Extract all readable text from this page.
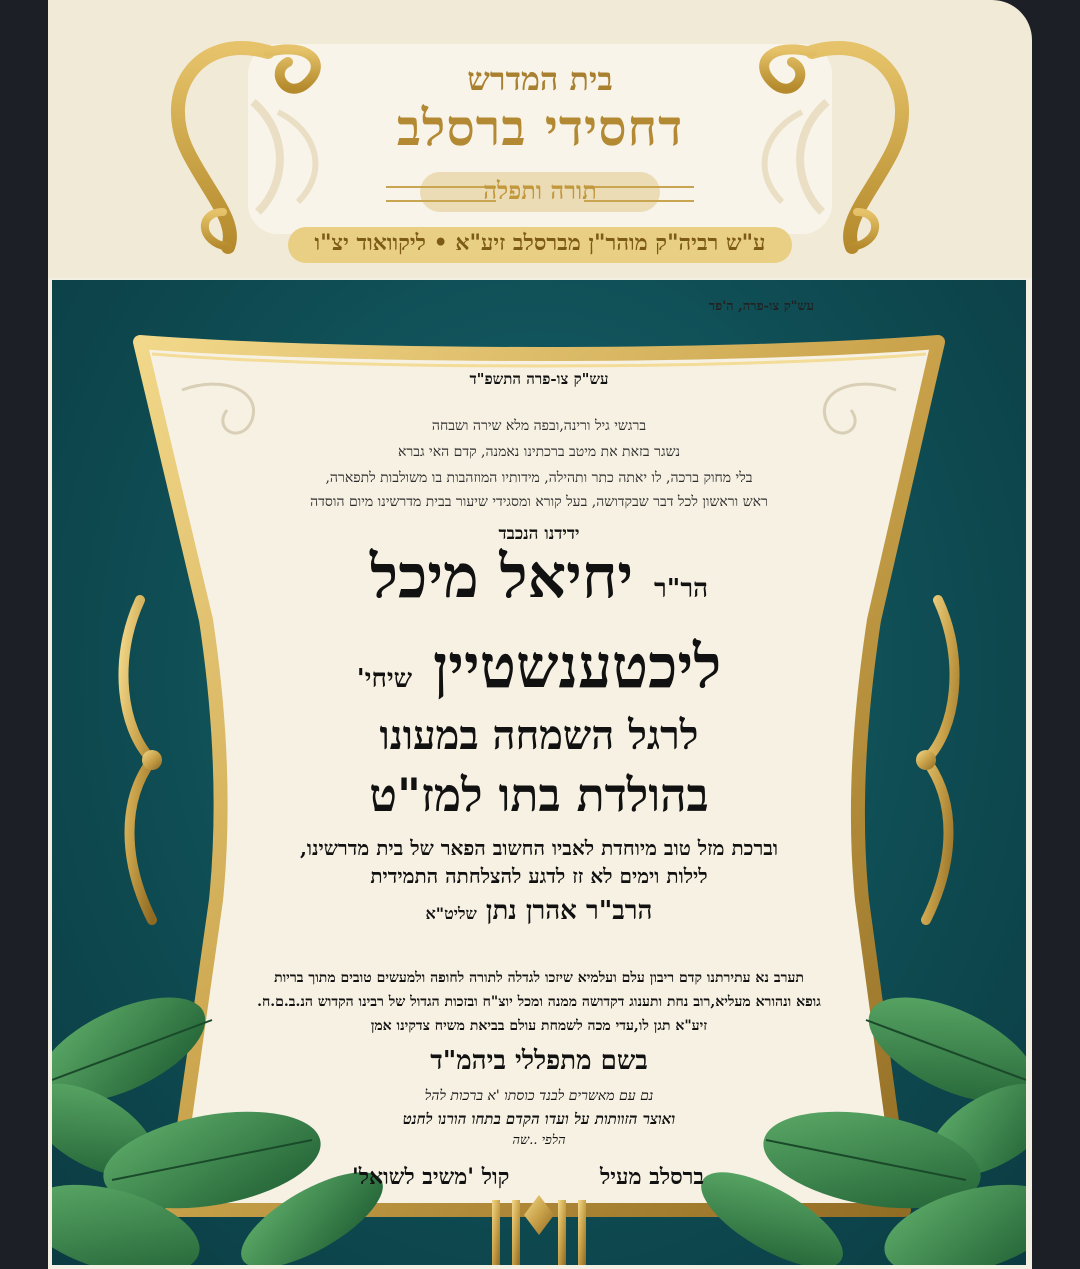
בית המדרש
דחסידי ברסלב
תורה ותפלה
ע"ש רביה"ק מוהר"ן מברסלב זיע"א • ליקוואוד יצ"ו
עש"ק צו-פרה, ה'פד
עש"ק צו-פרה התשפ"ד
ברגשי גיל ורינה,ובפה מלא שירה ושבחה
נשגר בזאת את מיטב ברכתינו נאמנה, קדם האי גברא
בלי מחוק ברכה, לו יאתה כתר ותהילה, מידותיו המוזהבות בו משולבות לתפארה,
ראש וראשון לכל דבר שבקדושה, בעל קורא ומסגידי שיעור בבית מדרשינו מיום הוסדה
ידידנו הנכבד
הר"ר יחיאל מיכל
ליכטענשטיין שיחי'
לרגל השמחה במעונו
בהולדת בתו למז"ט
וברכת מזל טוב מיוחדת לאביו החשוב הפאר של בית מדרשינו,
לילות וימים לא זז לדגע להצלחתה התמידית
הרב"ר אהרן נתן שליט"א
תערב נא עתירתנו קדם ריבון עלם ועלמיא שיזכו לגדלה לתורה לחופה ולמעשים טובים מתוך בריות
גופא ונהורא מעליא,רוב נחת ותענוג דקדושה ממנה ומכל יוצ"ח ובזכות הגדול של רבינו הקדוש הנ.ב.ם.ח.
זיע"א תגן לו,עדי מכה לשמחת עולם בביאת משיח צדקינו אמן
בשם מתפללי ביהמ"ד
נם עם מאשרים לבנד כוסתו 'א ברכות להל
ואוצר הזוותות על ועדו הקדם בתחו הורנו לחנט
הלפי ..שה
קול 'משיב לשואל'	ברסלב מעיל
